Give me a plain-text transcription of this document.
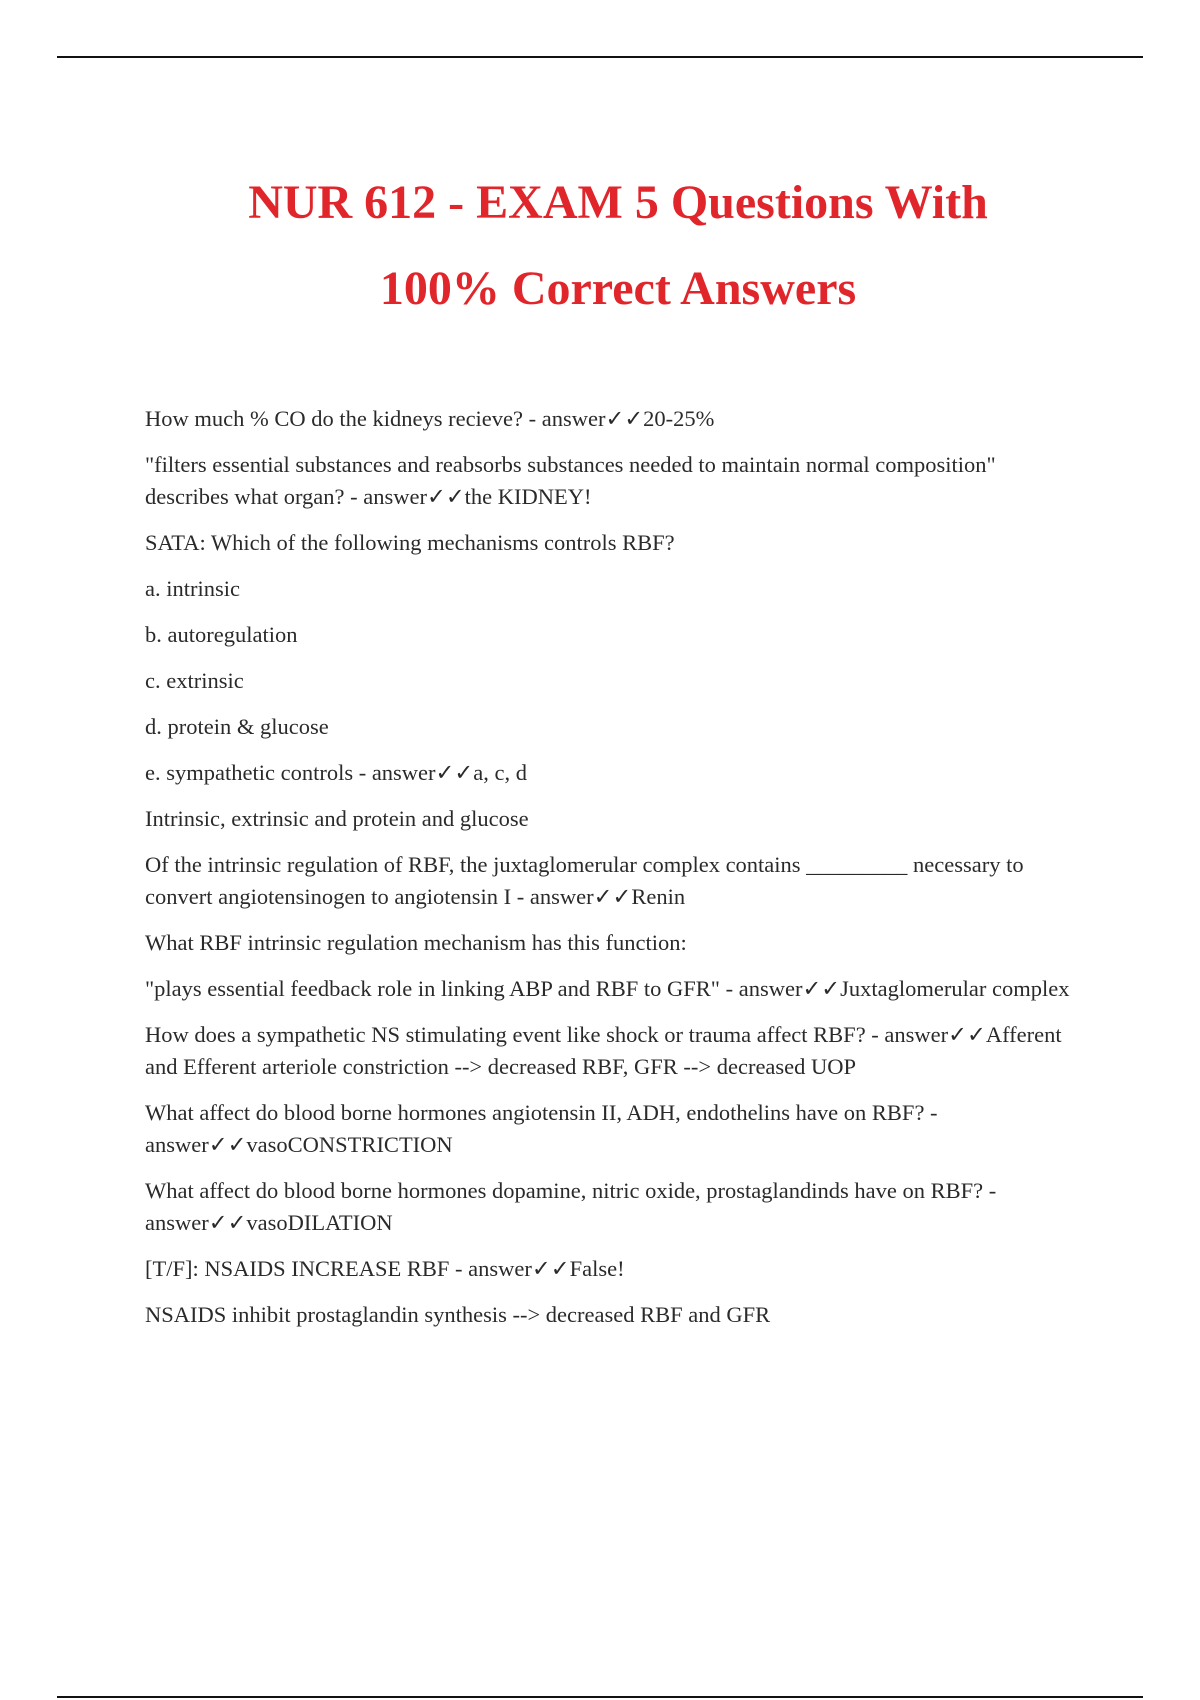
NUR 612 - EXAM 5 Questions With
100% Correct Answers

How much % CO do the kidneys recieve? - answer✓✓20-25%

"filters essential substances and reabsorbs substances needed to maintain normal composition" describes what organ? - answer✓✓the KIDNEY!

SATA: Which of the following mechanisms controls RBF?

a. intrinsic

b. autoregulation

c. extrinsic

d. protein & glucose

e. sympathetic controls - answer✓✓a, c, d

Intrinsic, extrinsic and protein and glucose

Of the intrinsic regulation of RBF, the juxtaglomerular complex contains _________ necessary to convert angiotensinogen to angiotensin I - answer✓✓Renin

What RBF intrinsic regulation mechanism has this function:

"plays essential feedback role in linking ABP and RBF to GFR" - answer✓✓Juxtaglomerular complex

How does a sympathetic NS stimulating event like shock or trauma affect RBF? - answer✓✓Afferent and Efferent arteriole constriction --> decreased RBF, GFR --> decreased UOP

What affect do blood borne hormones angiotensin II, ADH, endothelins have on RBF? - answer✓✓vasoCONSTRICTION

What affect do blood borne hormones dopamine, nitric oxide, prostaglandinds have on RBF? - answer✓✓vasoDILATION

[T/F]: NSAIDS INCREASE RBF - answer✓✓False!

NSAIDS inhibit prostaglandin synthesis --> decreased RBF and GFR
